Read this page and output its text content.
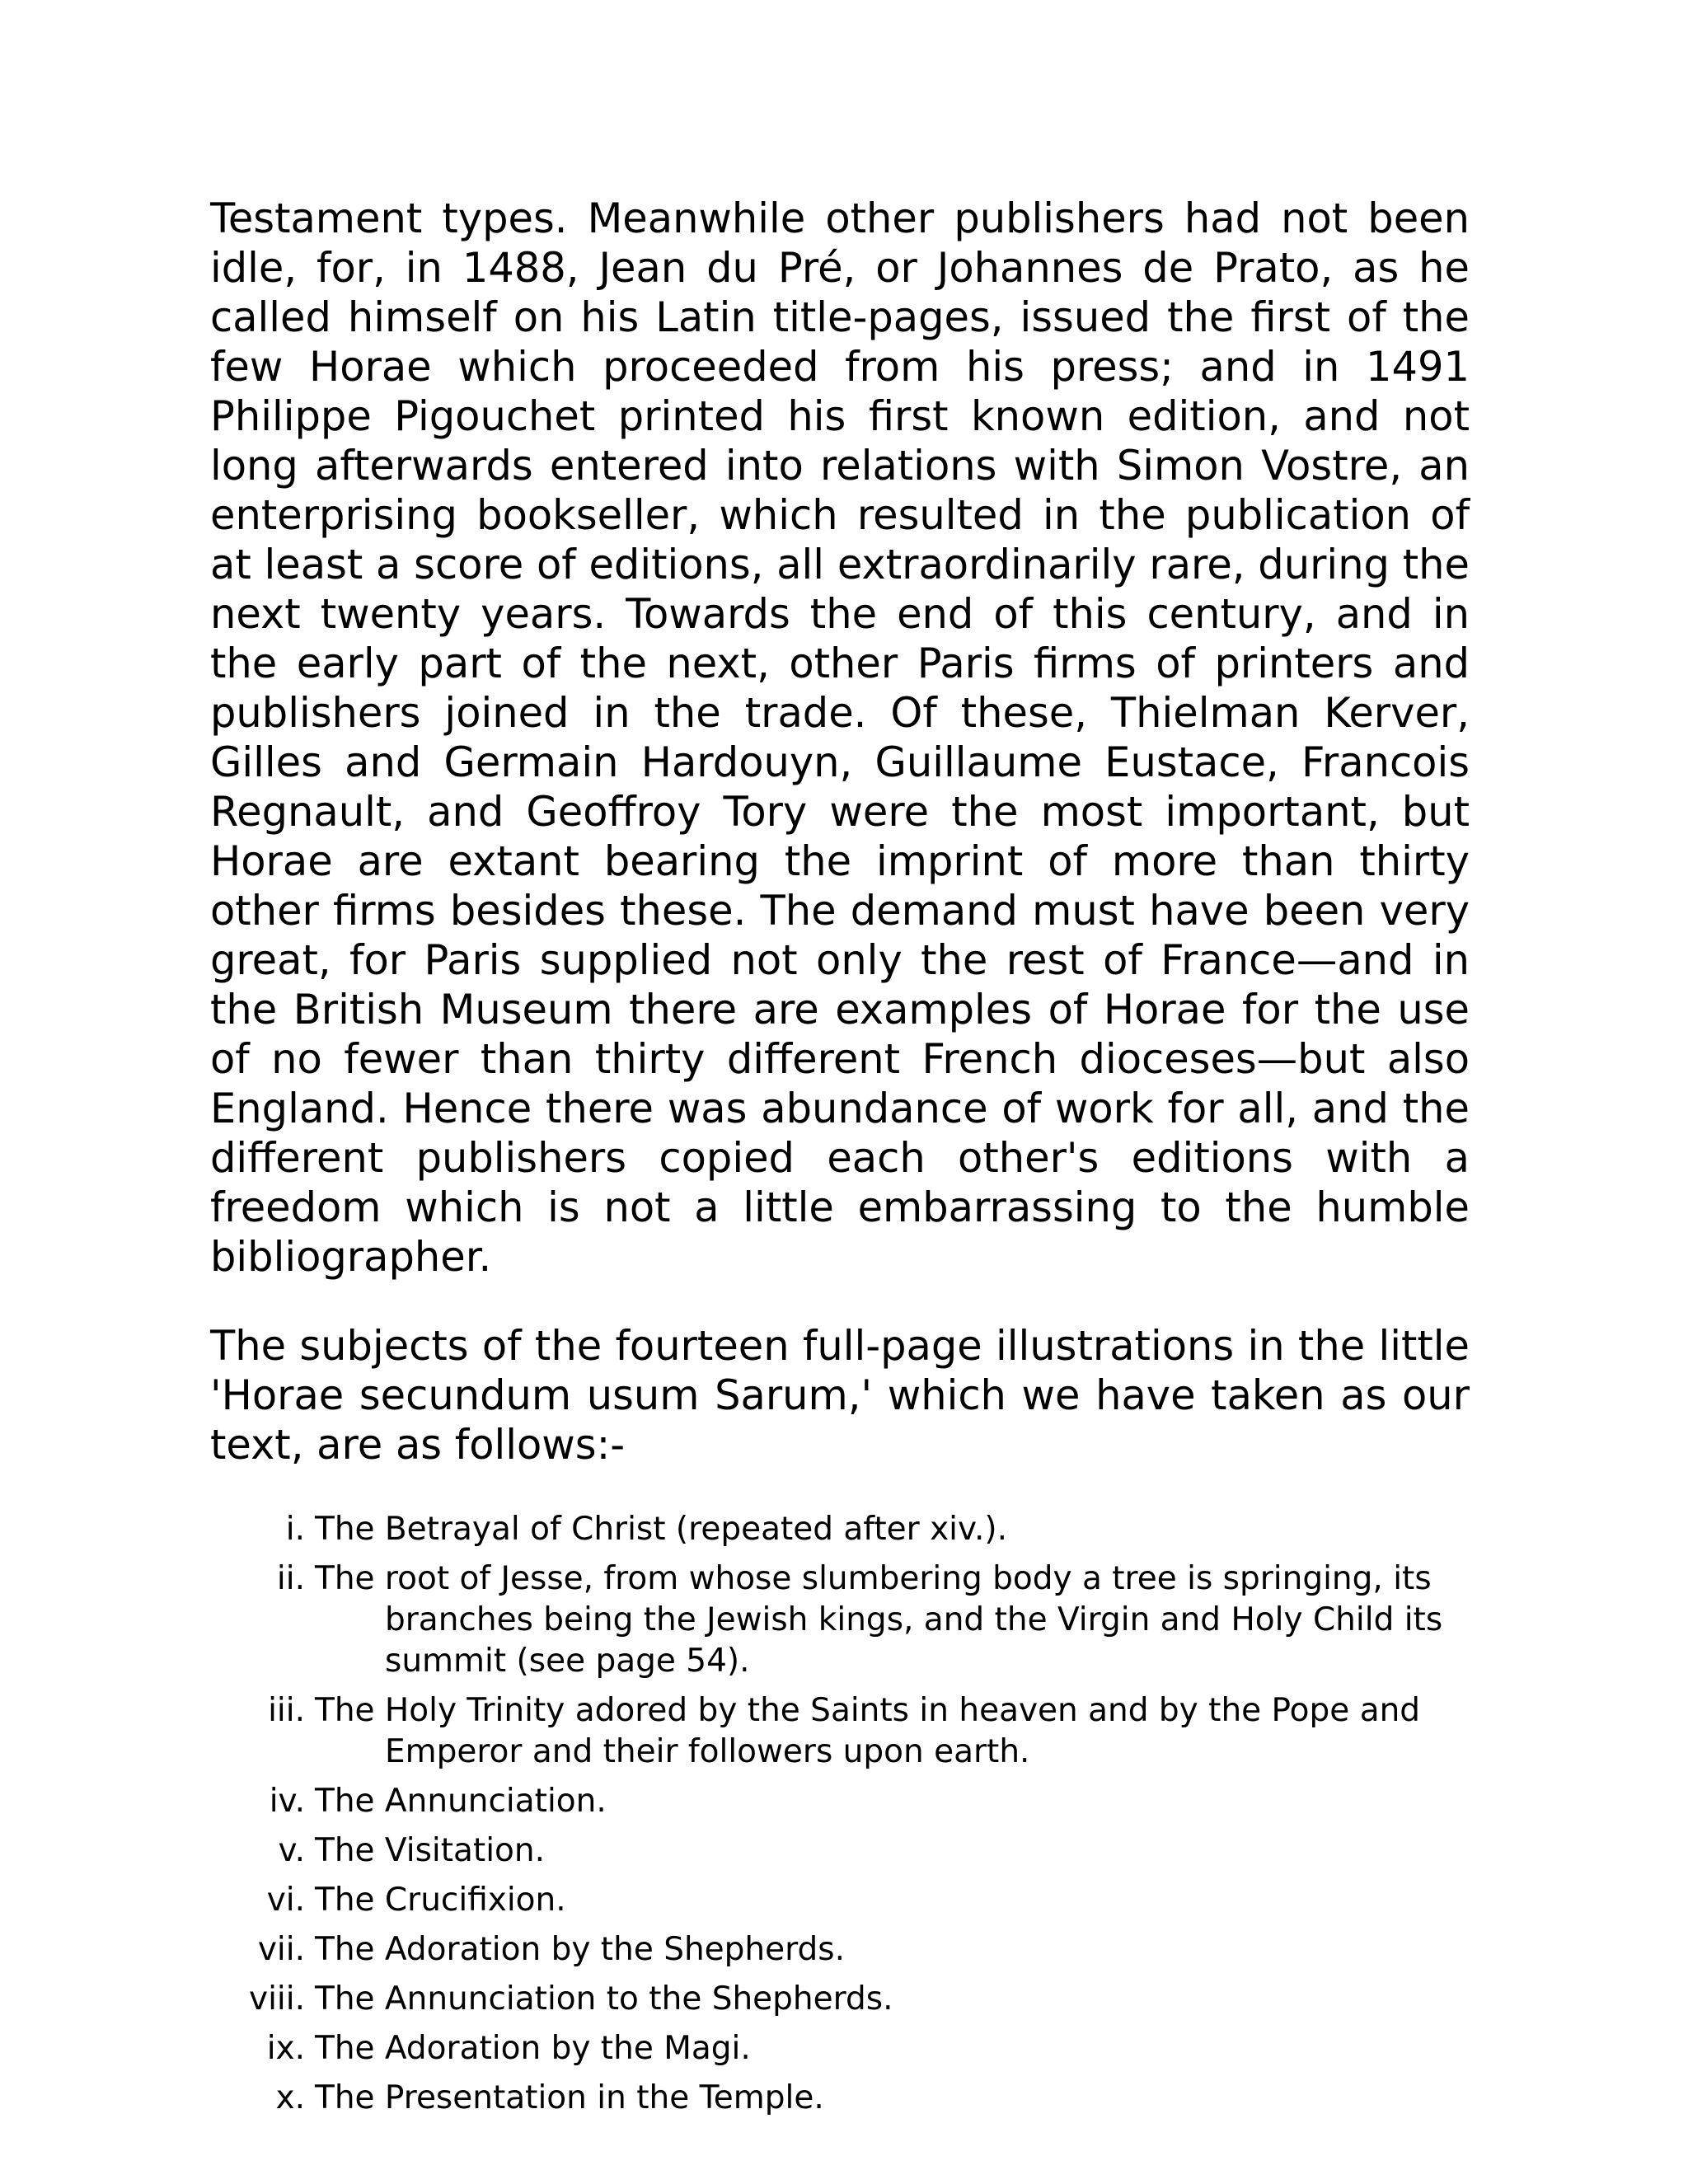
Testament types. Meanwhile other publishers had not been idle, for, in 1488, Jean du Pré, or Johannes de Prato, as he called himself on his Latin title-pages, issued the first of the few Horae which proceeded from his press; and in 1491 Philippe Pigouchet printed his first known edition, and not long afterwards entered into relations with Simon Vostre, an enterprising bookseller, which resulted in the publication of at least a score of editions, all extraordinarily rare, during the next twenty years. Towards the end of this century, and in the early part of the next, other Paris firms of printers and publishers joined in the trade. Of these, Thielman Kerver, Gilles and Germain Hardouyn, Guillaume Eustace, Francois Regnault, and Geoffroy Tory were the most important, but Horae are extant bearing the imprint of more than thirty other firms besides these. The demand must have been very great, for Paris supplied not only the rest of France—and in the British Museum there are examples of Horae for the use of no fewer than thirty different French dioceses—but also England. Hence there was abundance of work for all, and the different publishers copied each other's editions with a freedom which is not a little embarrassing to the humble bibliographer.

The subjects of the fourteen full-page illustrations in the little 'Horae secundum usum Sarum,' which we have taken as our text, are as follows:-

i. The Betrayal of Christ (repeated after xiv.).
ii. The root of Jesse, from whose slumbering body a tree is springing, its branches being the Jewish kings, and the Virgin and Holy Child its summit (see page 54).
iii. The Holy Trinity adored by the Saints in heaven and by the Pope and Emperor and their followers upon earth.
iv. The Annunciation.
v. The Visitation.
vi. The Crucifixion.
vii. The Adoration by the Shepherds.
viii. The Annunciation to the Shepherds.
ix. The Adoration by the Magi.
x. The Presentation in the Temple.
